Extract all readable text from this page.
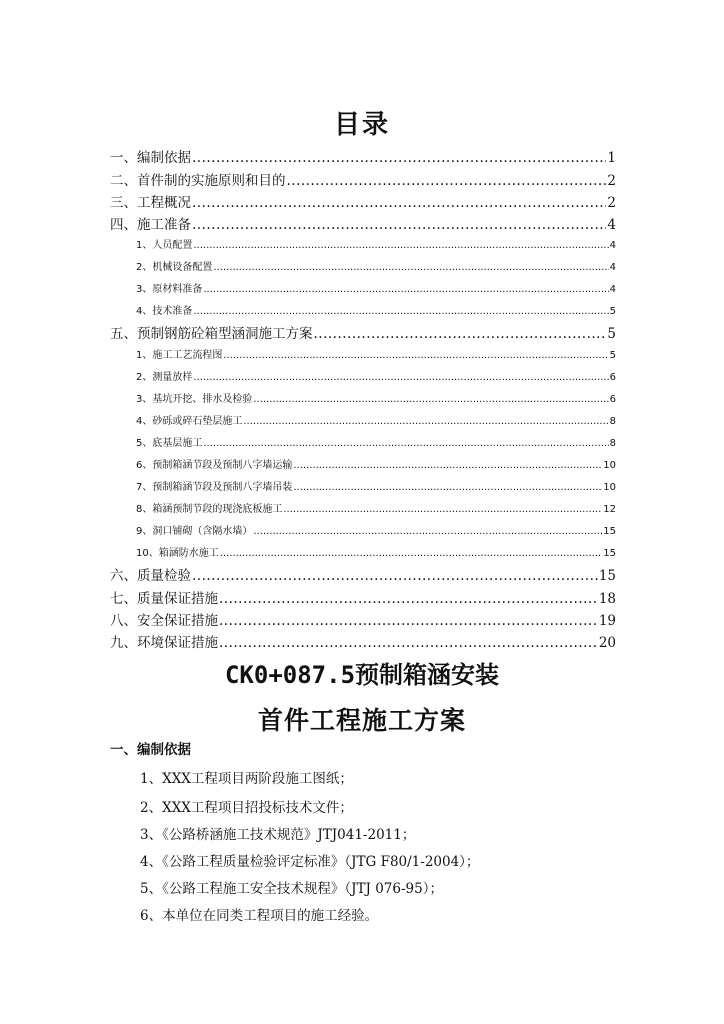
目录
一、编制依据 .....	1
二、首件制的实施原则和目的 .....	2
三、工程概况 .....	2
四、施工准备 .....	4
1、人员配置 .....	4
2、机械设备配置 .....	4
3、原材料准备 .....	4
4、技术准备 .....	5
五、预制钢筋砼箱型涵洞施工方案 .....	5
1、施工工艺流程图 .....	5
2、测量放样 .....	6
3、基坑开挖、排水及检验 .....	6
4、砂砾或碎石垫层施工 .....	8
5、底基层施工 .....	8
6、预制箱涵节段及预制八字墙运输 .....	10
7、预制箱涵节段及预制八字墙吊装 .....	10
8、箱涵预制节段的现浇底板施工 .....	12
9、洞口铺砌（含隔水墙） .....	15
10、箱涵防水施工 .....	15
六、质量检验 .....	15
七、质量保证措施 .....	18
八、安全保证措施 .....	19
九、环境保证措施 .....	20
CK0+087.5预制箱涵安装
首件工程施工方案
一、编制依据
1、XXX工程项目两阶段施工图纸；
2、XXX工程项目招投标技术文件；
3、《公路桥涵施工技术规范》JTJ041-2011；
4、《公路工程质量检验评定标准》（JTG F80/1-2004）；
5、《公路工程施工安全技术规程》（JTJ 076-95）；
6、本单位在同类工程项目的施工经验。
